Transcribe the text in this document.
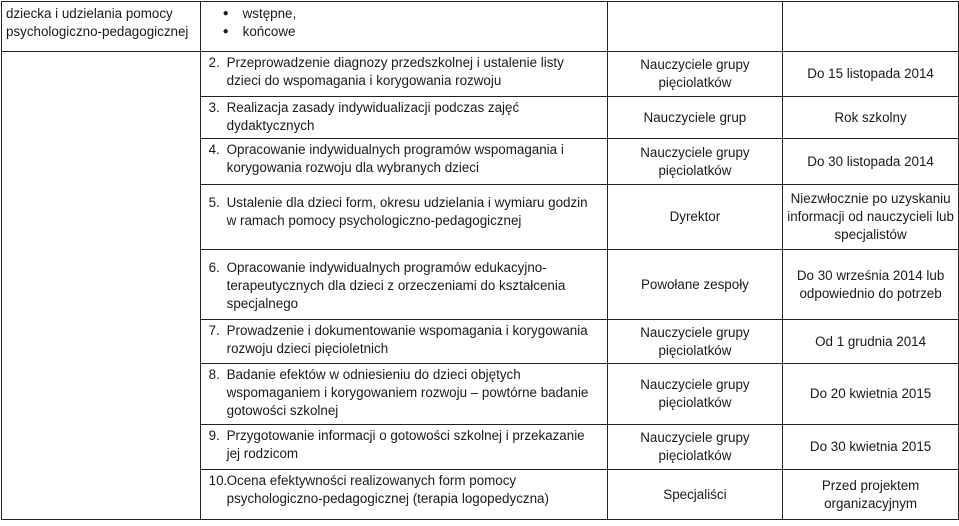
dziecka i udzielania pomocy psychologiczno-pedagogicznej	● wstępne,
● końcowe		

	2. Przeprowadzenie diagnozy przedszkolnej i ustalenie listy dzieci do wspomagania i korygowania rozwoju	Nauczyciele grupy pięciolatków	Do 15 listopada 2014

	3. Realizacja zasady indywidualizacji podczas zajęć dydaktycznych	Nauczyciele grup	Rok szkolny

	4. Opracowanie indywidualnych programów wspomagania i korygowania rozwoju dla wybranych dzieci	Nauczyciele grupy pięciolatków	Do 30 listopada 2014

	5. Ustalenie dla dzieci form, okresu udzielania i wymiaru godzin w ramach pomocy psychologiczno-pedagogicznej	Dyrektor	Niezwłocznie po uzyskaniu informacji od nauczycieli lub specjalistów

	6. Opracowanie indywidualnych programów edukacyjno-terapeutycznych dla dzieci z orzeczeniami do kształcenia specjalnego	Powołane zespoły	Do 30 września 2014 lub odpowiednio do potrzeb

	7. Prowadzenie i dokumentowanie wspomagania i korygowania rozwoju dzieci pięcioletnich	Nauczyciele grupy pięciolatków	Od 1 grudnia 2014

	8. Badanie efektów w odniesieniu do dzieci objętych wspomaganiem i korygowaniem rozwoju – powtórne badanie gotowości szkolnej	Nauczyciele grupy pięciolatków	Do 20 kwietnia 2015

	9. Przygotowanie informacji o gotowości szkolnej i przekazanie jej rodzicom	Nauczyciele grupy pięciolatków	Do 30 kwietnia 2015

	10. Ocena efektywności realizowanych form pomocy psychologiczno-pedagogicznej (terapia logopedyczna)	Specjaliści	Przed projektem organizacyjnym
